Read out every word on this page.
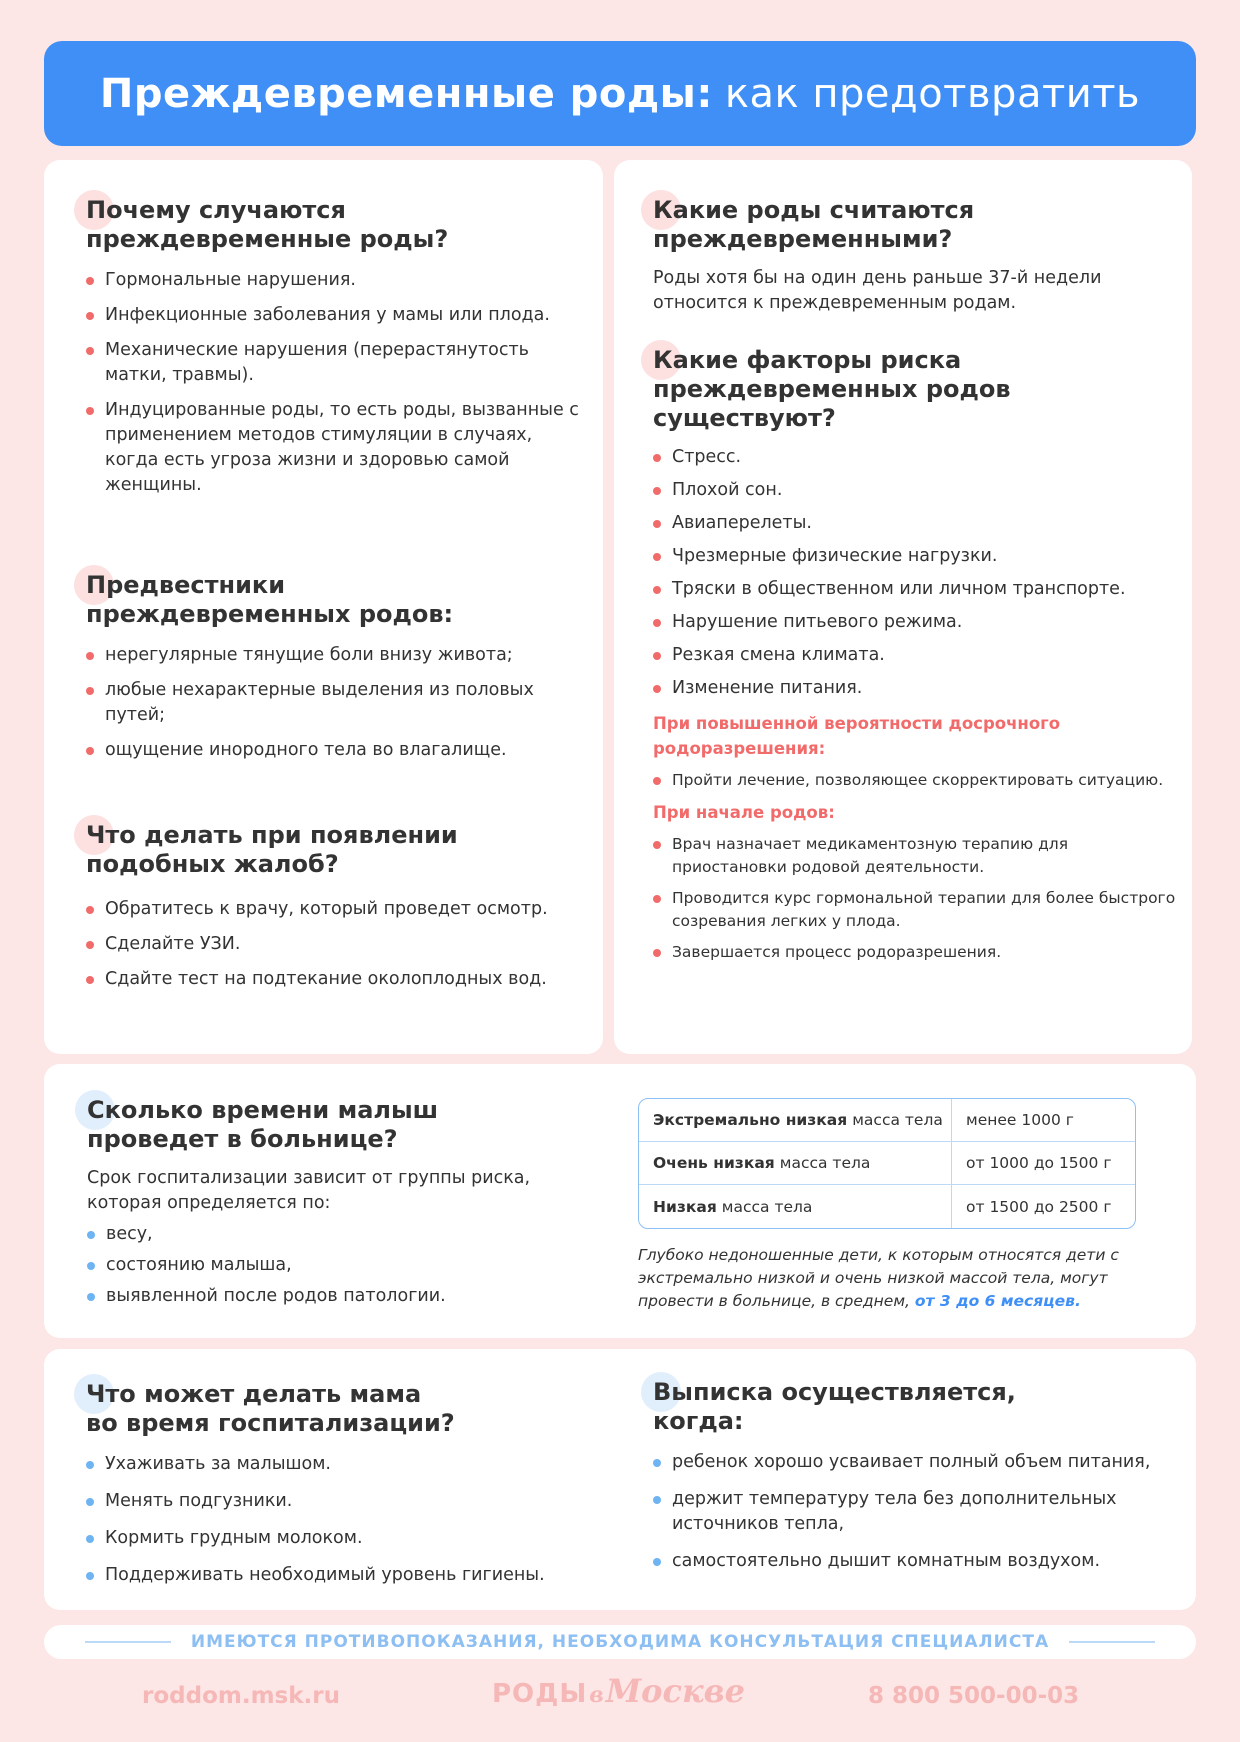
Преждевременные роды: как предотвратить
Почему случаются
преждевременные роды?
Гормональные нарушения.
Инфекционные заболевания у мамы или плода.
Механические нарушения (перерастянутость матки, травмы).
Индуцированные роды, то есть роды, вызванные с применением методов стимуляции в случаях, когда есть угроза жизни и здоровью самой женщины.
Предвестники
преждевременных родов:
нерегулярные тянущие боли внизу живота;
любые нехарактерные выделения из половых путей;
ощущение инородного тела во влагалище.
Что делать при появлении
подобных жалоб?
Обратитесь к врачу, который проведет осмотр.
Сделайте УЗИ.
Сдайте тест на подтекание околоплодных вод.
Какие роды считаются
преждевременными?

Роды хотя бы на один день раньше 37-й недели относится к преждевременным родам.

Какие факторы риска
преждевременных родов
существуют?
Стресс.
Плохой сон.
Авиаперелеты.
Чрезмерные физические нагрузки.
Тряски в общественном или личном транспорте.
Нарушение питьевого режима.
Резкая смена климата.
Изменение питания.
При повышенной вероятности досрочного родоразрешения:
Пройти лечение, позволяющее скорректировать ситуацию.
При начале родов:
Врач назначает медикаментозную терапию для приостановки родовой деятельности.
Проводится курс гормональной терапии для более быстрого созревания легких у плода.
Завершается процесс родоразрешения.
Сколько времени малыш
проведет в больнице?

Срок госпитализации зависит от группы риска, которая определяется по:

весу,
состоянию малыша,
выявленной после родов патологии.
Экстремально низкая масса тела	менее 1000 г
Очень низкая масса тела	от 1000 до 1500 г
Низкая масса тела	от 1500 до 2500 г
Глубоко недоношенные дети, к которым относятся дети с экстремально низкой и очень низкой массой тела, могут провести в больнице, в среднем, от 3 до 6 месяцев.
Что может делать мама
во время госпитализации?
Ухаживать за малышом.
Менять подгузники.
Кормить грудным молоком.
Поддерживать необходимый уровень гигиены.
Выписка осуществляется,
когда:
ребенок хорошо усваивает полный объем питания,
держит температуру тела без дополнительных источников тепла,
самостоятельно дышит комнатным воздухом.
ИМЕЮТСЯ ПРОТИВОПОКАЗАНИЯ, НЕОБХОДИМА КОНСУЛЬТАЦИЯ СПЕЦИАЛИСТА
roddom.msk.ru	РОДЫ в Москве	8 800 500-00-03
